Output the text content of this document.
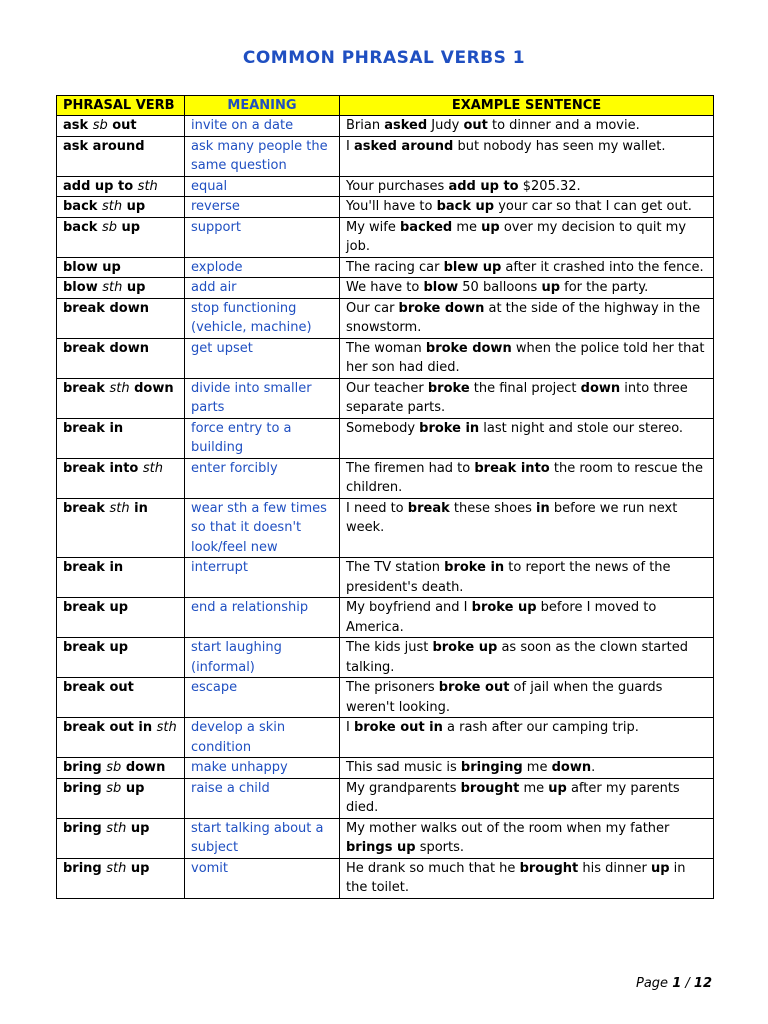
COMMON PHRASAL VERBS 1
PHRASAL VERB	MEANING	EXAMPLE SENTENCE
ask sb out	invite on a date	Brian asked Judy out to dinner and a movie.
ask around	ask many people the same question	I asked around but nobody has seen my wallet.
add up to sth	equal	Your purchases add up to $205.32.
back sth up	reverse	You'll have to back up your car so that I can get out.
back sb up	support	My wife backed me up over my decision to quit my job.
blow up	explode	The racing car blew up after it crashed into the fence.
blow sth up	add air	We have to blow 50 balloons up for the party.
break down	stop functioning (vehicle, machine)	Our car broke down at the side of the highway in the snowstorm.
break down	get upset	The woman broke down when the police told her that her son had died.
break sth down	divide into smaller parts	Our teacher broke the final project down into three separate parts.
break in	force entry to a building	Somebody broke in last night and stole our stereo.
break into sth	enter forcibly	The firemen had to break into the room to rescue the children.
break sth in	wear sth a few times so that it doesn't look/feel new	I need to break these shoes in before we run next week.
break in	interrupt	The TV station broke in to report the news of the president's death.
break up	end a relationship	My boyfriend and I broke up before I moved to America.
break up	start laughing (informal)	The kids just broke up as soon as the clown started talking.
break out	escape	The prisoners broke out of jail when the guards weren't looking.
break out in sth	develop a skin condition	I broke out in a rash after our camping trip.
bring sb down	make unhappy	This sad music is bringing me down.
bring sb up	raise a child	My grandparents brought me up after my parents died.
bring sth up	start talking about a subject	My mother walks out of the room when my father brings up sports.
bring sth up	vomit	He drank so much that he brought his dinner up in the toilet.
Page 1 / 12
